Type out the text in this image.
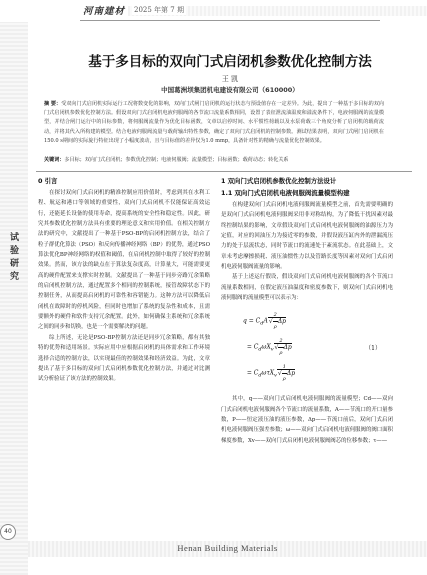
河南建材	2025 年第 7 期
试验研究
基于多目标的双向门式启闭机参数优化控制方法
王 凯
中国葛洲坝集团机电建设有限公司（610000）
摘 要：受双向门式启闭机实际运行工况将数变化的影响，双向门式闸门启闭机的运行状态与预设值存在一定差异。为此，提出了一种基于多目标的双向门式启闭机参数优化控制方法。假设双向门式启闭机电液伺服阀的各节流口流量系数相同，设置了表征泄流油温度和溢流条件下，电液伺服阀的流量模型，并结合闸门运行中的目标参数，将伺服阀流量作为优化目标函数，文章以启停时间、水平惯性荷载以及水泵荷载三个角度分析了启闭机的载荷流动，并将其代入所构建的模型。结合电液伺服阀流量与载荷输出特性参数，确定了双向门式启闭机的控制参数。测试结果表明，双向门式闸门启闭机在150.0 s期间的实际旋行特征出现了小幅度波动，且与目标值的差异仅为1.0 mmp，具备针对性的精确与流量优化控制效果。
关键词：多目标；双向门式启闭机；参数优化控制；电液伺服阀；流量模型；目标函数；载荷动态；转化关系
0 引言

在探讨双向门式启闭机的精准控制应用价值时，考虑到其在水利工程、航运和港口等领域的重要性，双向门式启闭机不仅能保证高效运行，还能延长设备的使用寿命，提高系统的安全性和稳定性。因此，研究其参数优化控制方法具有重要的理论意义和实用价值。在相关控制方法的研究中，文献提出了一种基于PSO-BP的启闭机控制方法，结合了粒子群优化算法（PSO）和反向传播神经网络（BP）的优势，通过PSO算法优化BP神经网络的权值和阈值，在启闭机控制中取得了较好的控制效果。然而，该方法的缺点在于算法复杂度高，计算量大，可能需要更高的硬件配置来支撑实时控制。文献提出了一种基于同步旁路冗余策略的启闭机控制方法，通过配置多个相同的控制系统，接管故障状态下的控制任务，从而提高启闭机的可靠性和容错能力。这种方法可以降低启闭机在故障时的停机风险，但同时也增加了系统的复杂性和成本，且需要额外的硬件和软件支持冗余配置。此外，如何确保主系统和冗余系统之间的同步和切换，也是一个需要解决的问题。

综上所述，无论是PSO-BP控制方法还是同步冗余策略，都有其独特的优势和适用场景。实际应用中应根据启闭机的具体需求和工作环境选择合适的控制方法，以实现最佳的控制效果和经济效益。为此，文章提出了基于多目标的双向门式启闭机参数优化控制方法，并通过对比测试分析验证了该方法的控制效果。

1 双向门式启闭机参数优化控制方法设计
1.1 双向门式启闭机电液伺服阀流量模型构建

在构建双向门式启闭机电液伺服阀流量模型之前，首先需要明确的是双向门式启闭机电液伺服阀采用非对称结构，为了降低干扰因素对最终控制结果的影响，文章假设双向门式启闭机电液伺服阀的油源压力为定值，对应的回油压力为接近零的参数，并假设液压缸内外的泄漏流压力的处于层流状态，同时节流口的流速处于紊流状态。在此基础上，文章未考虑摩擦损耗、液压油惯性力以及管路长度等因素对双向门式启闭机电液伺服阀流量的影响。

基于上述运行假设，假设双向门式启闭机电液伺服阀的各个节流口流量系数相同，在假定液压油温度和密度参数下，则双向门式启闭机电液伺服阀的流量模型可以表示为：

$q = C_dA√ \frac{2}{\rho}$ Δp
= $C_d\omega X_v√ \frac{2}{\rho}$ Δp
= $C_d\omega\tau X_v√ \frac{1}{\rho}$ Δp
（1）

其中，q——双向门式启闭机电液伺服阀的流量模型；Cd——双向门式启闭机电液伺服阀各个节流口的流量系数，A——节流口的开口量参数，P——恒定液压油的液压参数，Δp——节流口前后，双向门式启闭机电液伺服阀压强差参数；ω——双向门式启闭机电液伺服阀的阀口面积梯度参数，Xv——双向门式启闭机电液伺服阀阀芯的位移参数；τ——

40
Henan Building Materials
